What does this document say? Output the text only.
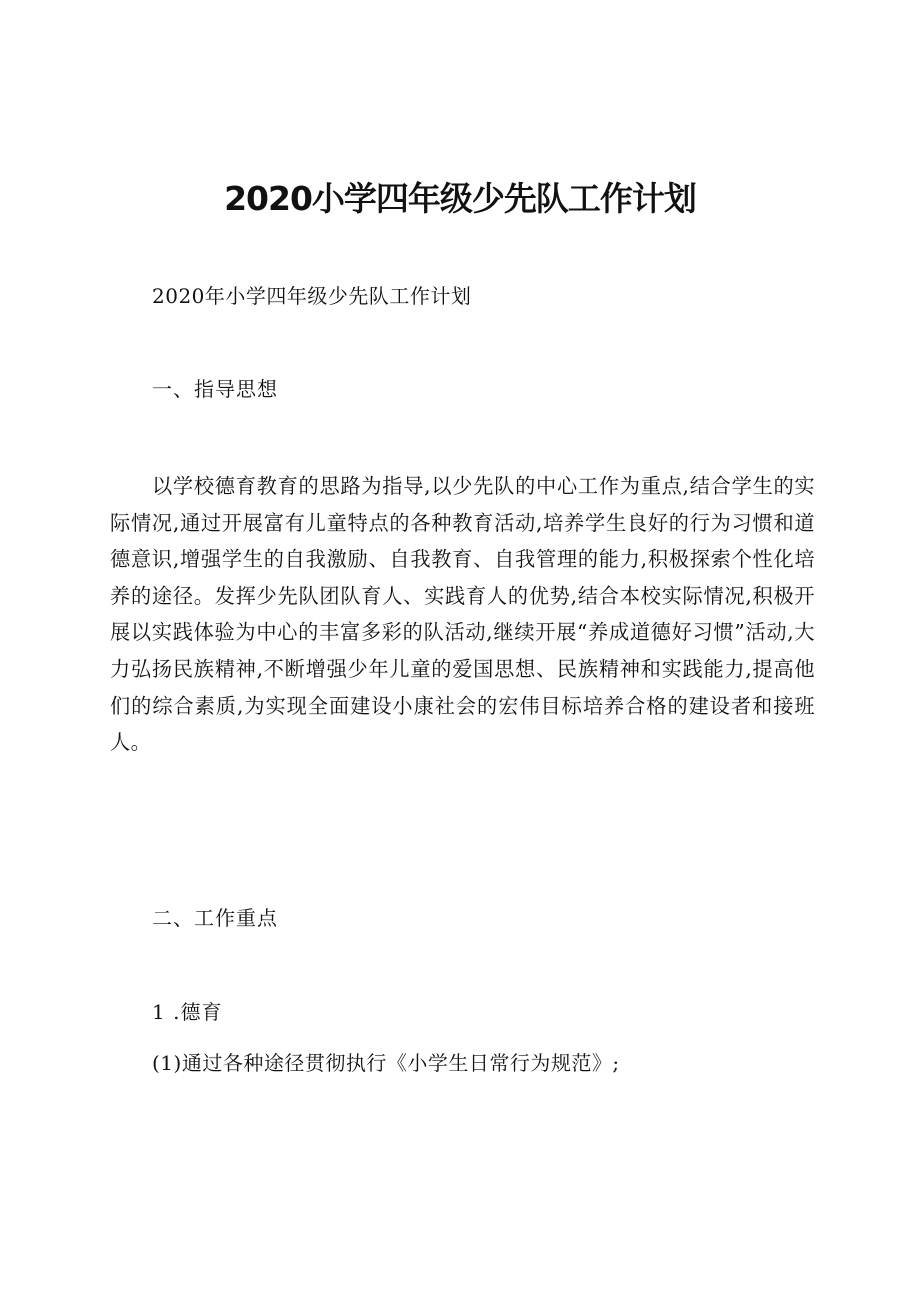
2020小学四年级少先队工作计划

2020年小学四年级少先队工作计划

一、指导思想

以学校德育教育的思路为指导,以少先队的中心工作为重点,结合学生的实际情况,通过开展富有儿童特点的各种教育活动,培养学生良好的行为习惯和道德意识,增强学生的自我激励、自我教育、自我管理的能力,积极探索个性化培养的途径。发挥少先队团队育人、实践育人的优势,结合本校实际情况,积极开展以实践体验为中心的丰富多彩的队活动,继续开展“养成道德好习惯”活动,大力弘扬民族精神,不断增强少年儿童的爱国思想、民族精神和实践能力,提高他们的综合素质,为实现全面建设小康社会的宏伟目标培养合格的建设者和接班人。

二、工作重点

1 .德育

(1)通过各种途径贯彻执行《小学生日常行为规范》;
